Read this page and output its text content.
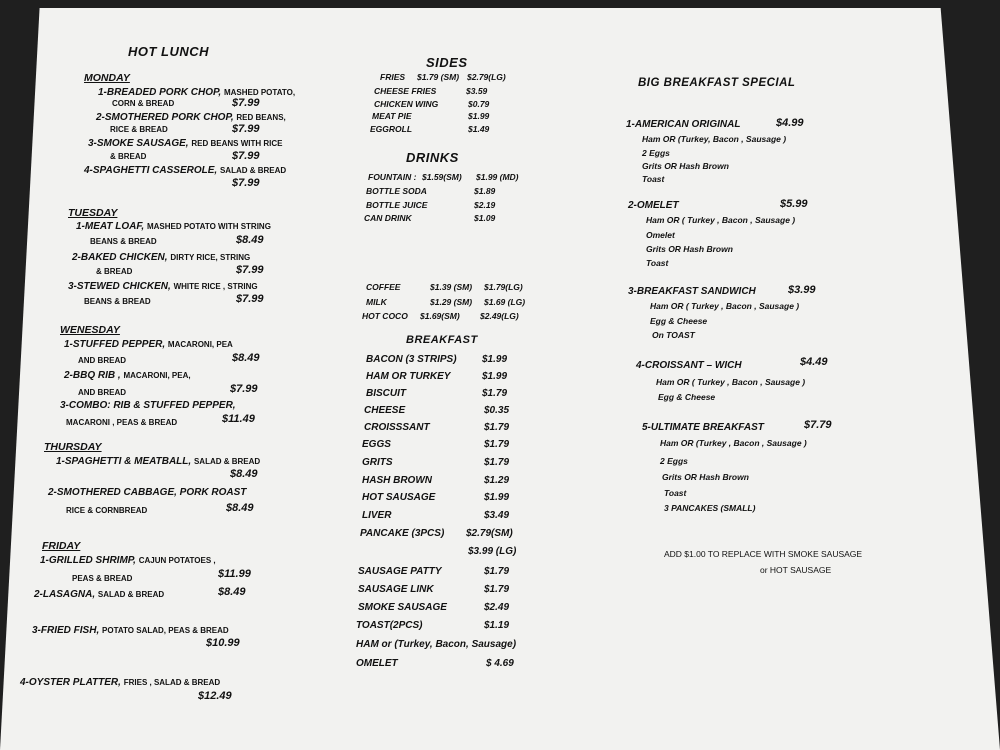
HOT LUNCH
MONDAY
1-BREADED PORK CHOP, MASHED POTATO,
CORN & BREAD	$7.99
2-SMOTHERED PORK CHOP, RED BEANS,
RICE & BREAD	$7.99
3-SMOKE SAUSAGE, RED BEANS WITH RICE
& BREAD	$7.99
4-SPAGHETTI CASSEROLE, SALAD & BREAD
$7.99
TUESDAY
1-MEAT LOAF, MASHED POTATO WITH STRING
BEANS & BREAD	$8.49
2-BAKED CHICKEN, DIRTY RICE, STRING
& BREAD	$7.99
3-STEWED CHICKEN, WHITE RICE , STRING
BEANS & BREAD	$7.99
WENESDAY
1-STUFFED PEPPER, MACARONI, PEA
AND BREAD	$8.49
2-BBQ RIB , MACARONI, PEA,
AND BREAD	$7.99
3-COMBO: RIB & STUFFED PEPPER,
MACARONI , PEAS & BREAD	$11.49
THURSDAY
1-SPAGHETTI & MEATBALL, SALAD & BREAD
$8.49
2-SMOTHERED CABBAGE, PORK ROAST
RICE & CORNBREAD	$8.49
FRIDAY
1-GRILLED SHRIMP, CAJUN POTATOES ,
PEAS & BREAD	$11.99
2-LASAGNA, SALAD & BREAD	$8.49
3-FRIED FISH, POTATO SALAD, PEAS & BREAD
$10.99
4-OYSTER PLATTER, FRIES , SALAD & BREAD
$12.49
SIDES
FRIES $1.79 (SM) $2.79(LG)
CHEESE FRIES	$3.59
CHICKEN WING	$0.79
MEAT PIE	$1.99
EGGROLL	$1.49
DRINKS
FOUNTAIN : $1.59(SM) $1.99 (MD)
BOTTLE SODA	$1.89
BOTTLE JUICE	$2.19
CAN DRINK	$1.09
COFFEE	$1.39 (SM) $1.79(LG)
MILK	$1.29 (SM) $1.69 (LG)
HOT COCO $1.69(SM) $2.49(LG)
BREAKFAST
BACON (3 STRIPS)	$1.99
HAM OR TURKEY	$1.99
BISCUIT	$1.79
CHEESE	$0.35
CROISSSANT	$1.79
EGGS	$1.79
GRITS	$1.79
HASH BROWN	$1.29
HOT SAUSAGE	$1.99
LIVER	$3.49
PANCAKE (3PCS) $2.79(SM)
$3.99 (LG)
SAUSAGE PATTY	$1.79
SAUSAGE LINK	$1.79
SMOKE SAUSAGE	$2.49
TOAST(2PCS)	$1.19
HAM or (Turkey, Bacon, Sausage)
OMELET	$ 4.69
BIG BREAKFAST SPECIAL
1-AMERICAN ORIGINAL	$4.99
Ham OR (Turkey, Bacon , Sausage )
2 Eggs
Grits OR Hash Brown
Toast
2-OMELET	$5.99
Ham OR ( Turkey , Bacon , Sausage )
Omelet
Grits OR Hash Brown
Toast
3-BREAKFAST SANDWICH	$3.99
Ham OR ( Turkey , Bacon , Sausage )
Egg & Cheese
On TOAST
4-CROISSANT – WICH	$4.49
Ham OR ( Turkey , Bacon , Sausage )
Egg & Cheese
5-ULTIMATE BREAKFAST	$7.79
Ham OR (Turkey , Bacon , Sausage )
2 Eggs
Grits OR Hash Brown
Toast
3 PANCAKES (SMALL)
ADD $1.00 TO REPLACE WITH SMOKE SAUSAGE
or HOT SAUSAGE
